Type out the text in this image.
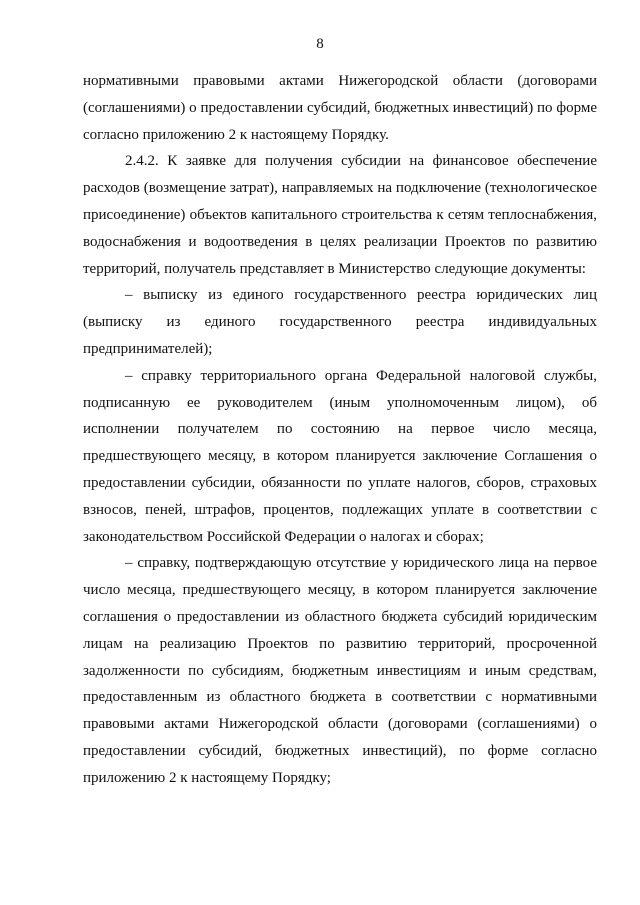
8

нормативными правовыми актами Нижегородской области (договорами (соглашениями) о предоставлении субсидий, бюджетных инвестиций) по форме согласно приложению 2 к настоящему Порядку.

2.4.2. К заявке для получения субсидии на финансовое обеспечение расходов (возмещение затрат), направляемых на подключение (технологическое присоединение) объектов капитального строительства к сетям теплоснабжения, водоснабжения и водоотведения в целях реализации Проектов по развитию территорий, получатель представляет в Министерство следующие документы:

– выписку из единого государственного реестра юридических лиц (выписку из единого государственного реестра индивидуальных предпринимателей);

– справку территориального органа Федеральной налоговой службы, подписанную ее руководителем (иным уполномоченным лицом), об исполнении получателем по состоянию на первое число месяца, предшествующего месяцу, в котором планируется заключение Соглашения о предоставлении субсидии, обязанности по уплате налогов, сборов, страховых взносов, пеней, штрафов, процентов, подлежащих уплате в соответствии с законодательством Российской Федерации о налогах и сборах;

– справку, подтверждающую отсутствие у юридического лица на первое число месяца, предшествующего месяцу, в котором планируется заключение соглашения о предоставлении из областного бюджета субсидий юридическим лицам на реализацию Проектов по развитию территорий, просроченной задолженности по субсидиям, бюджетным инвестициям и иным средствам, предоставленным из областного бюджета в соответствии с нормативными правовыми актами Нижегородской области (договорами (соглашениями) о предоставлении субсидий, бюджетных инвестиций), по форме согласно приложению 2 к настоящему Порядку;
